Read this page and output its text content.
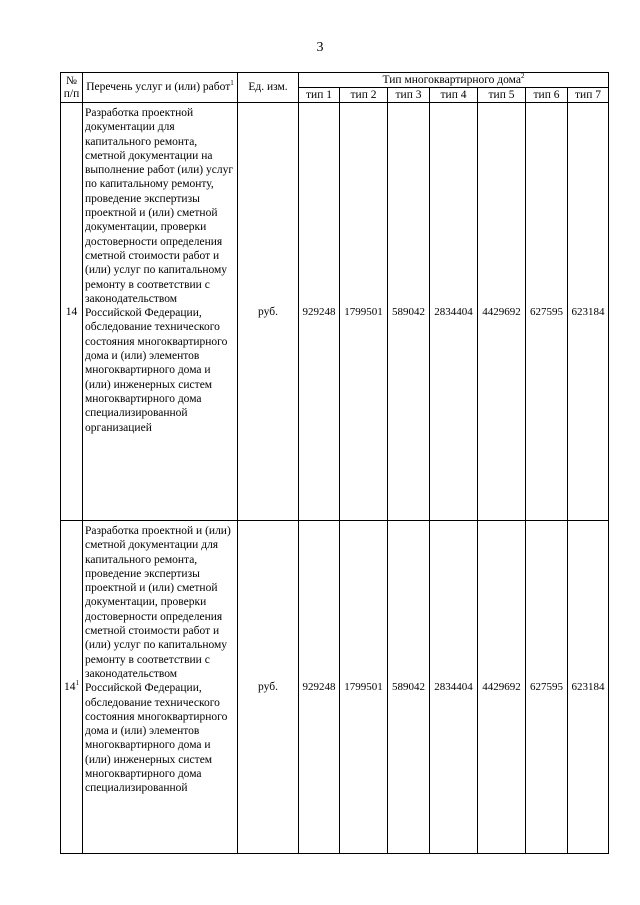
3
№
п/п	Перечень услуг и (или) работ$^1$	Ед. изм.	Тип многоквартирного дома$^2$
			тип 1	тип 2	тип 3	тип 4	тип 5	тип 6	тип 7
14	Разработка проектной документации для капитального ремонта, сметной документации на выполнение работ (или) услуг по капитальному ремонту, проведение экспертизы проектной и (или) сметной документации, проверки достоверности определения сметной стоимости работ и (или) услуг по капитальному ремонту в соответствии с законодательством Российской Федерации, обследование технического состояния многоквартирного дома и (или) элементов многоквартирного дома и (или) инженерных систем многоквартирного дома специализированной организацией	руб.	929248	1799501	589042	2834404	4429692	627595	623184
$14^1$	Разработка проектной и (или) сметной документации для капитального ремонта, проведение экспертизы проектной и (или) сметной документации, проверки достоверности определения сметной стоимости работ и (или) услуг по капитальному ремонту в соответствии с законодательством Российской Федерации, обследование технического состояния многоквартирного дома и (или) элементов многоквартирного дома и (или) инженерных систем многоквартирного дома специализированной	руб.	929248	1799501	589042	2834404	4429692	627595	623184
